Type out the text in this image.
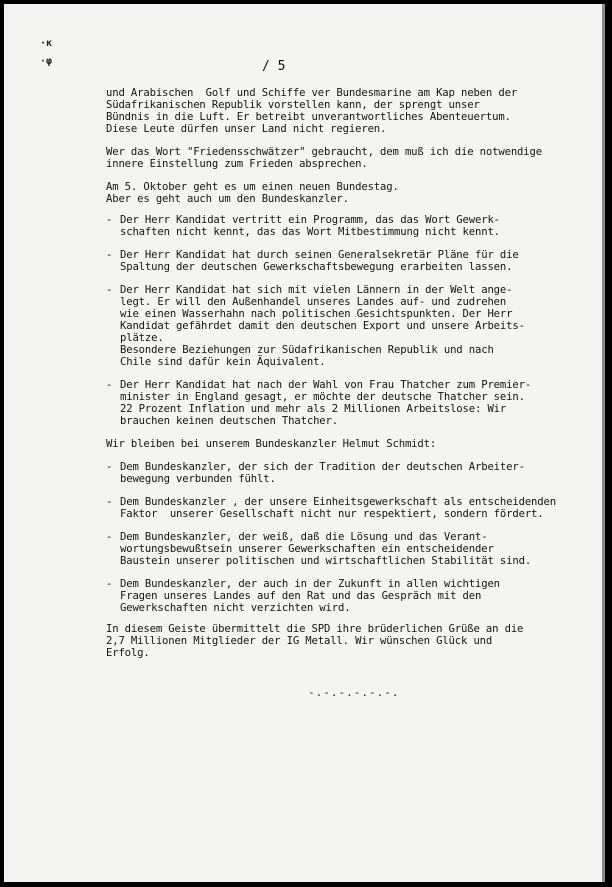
·κ
·φ	/ 5
und Arabischen  Golf und Schiffe ver Bundesmarine am Kap neben der
Südafrikanischen Republik vorstellen kann, der sprengt unser
Bündnis in die Luft. Er betreibt unverantwortliches Abenteuertum.
Diese Leute dürfen unser Land nicht regieren.
Wer das Wort "Friedensschwätzer" gebraucht, dem muß ich die notwendige
innere Einstellung zum Frieden absprechen.
Am 5. Oktober geht es um einen neuen Bundestag.
Aber es geht auch um den Bundeskanzler.
- Der Herr Kandidat vertritt ein Programm, das das Wort Gewerk-
schaften nicht kennt, das das Wort Mitbestimmung nicht kennt.
- Der Herr Kandidat hat durch seinen Generalsekretär Pläne für die
Spaltung der deutschen Gewerkschaftsbewegung erarbeiten lassen.
- Der Herr Kandidat hat sich mit vielen Lännern in der Welt ange-
legt. Er will den Außenhandel unseres Landes auf- und zudrehen
wie einen Wasserhahn nach politischen Gesichtspunkten. Der Herr
Kandidat gefährdet damit den deutschen Export und unsere Arbeits-
plätze.
Besondere Beziehungen zur Südafrikanischen Republik und nach
Chile sind dafür kein Äquivalent.
- Der Herr Kandidat hat nach der Wahl von Frau Thatcher zum Premier-
minister in England gesagt, er möchte der deutsche Thatcher sein.
22 Prozent Inflation und mehr als 2 Millionen Arbeitslose: Wir
brauchen keinen deutschen Thatcher.
Wir bleiben bei unserem Bundeskanzler Helmut Schmidt:
- Dem Bundeskanzler, der sich der Tradition der deutschen Arbeiter-
bewegung verbunden fühlt.
- Dem Bundeskanzler , der unsere Einheitsgewerkschaft als entscheidenden
Faktor  unserer Gesellschaft nicht nur respektiert, sondern fördert.
- Dem Bundeskanzler, der weiß, daß die Lösung und das Verant-
wortungsbewußtsein unserer Gewerkschaften ein entscheidender
Baustein unserer politischen und wirtschaftlichen Stabilität sind.
- Dem Bundeskanzler, der auch in der Zukunft in allen wichtigen
Fragen unseres Landes auf den Rat und das Gespräch mit den
Gewerkschaften nicht verzichten wird.
In diesem Geiste übermittelt die SPD ihre brüderlichen Grüße an die
2,7 Millionen Mitglieder der IG Metall. Wir wünschen Glück und
Erfolg.
-.-.-.-.-.-.
